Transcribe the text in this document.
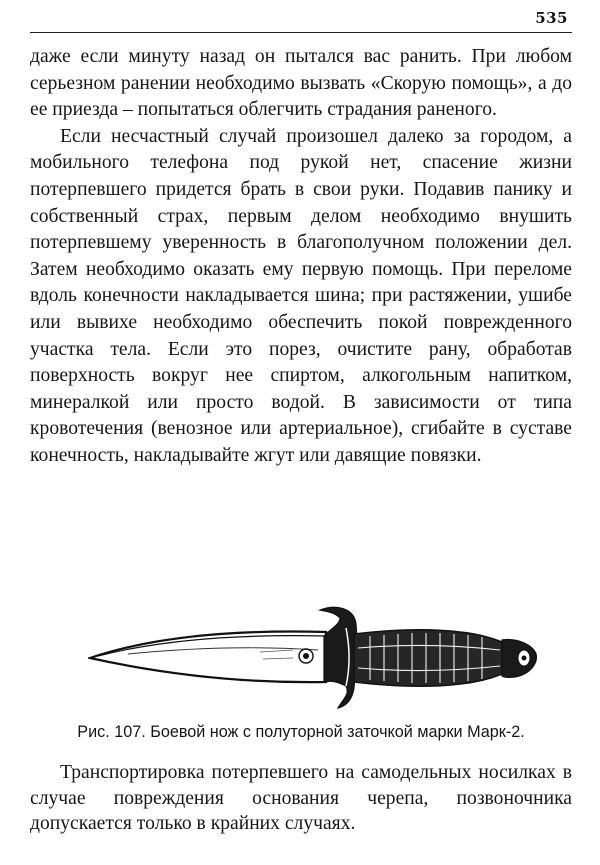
535

даже если минуту назад он пытался вас ранить. При любом серьезном ранении необходимо вызвать «Скорую помощь», а до ее приезда – попытаться облегчить страдания раненого.

Если несчастный случай произошел далеко за городом, а мобильного телефона под рукой нет, спасение жизни потерпевшего придется брать в свои руки. Подавив панику и собственный страх, первым делом необходимо внушить потерпевшему уверенность в благополучном положении дел. Затем необходимо оказать ему первую помощь. При переломе вдоль конечности накладывается шина; при растяжении, ушибе или вывихе необходимо обеспечить покой поврежденного участка тела. Если это порез, очистите рану, обработав поверхность вокруг нее спиртом, алкогольным напитком, минералкой или просто водой. В зависимости от типа кровотечения (венозное или артериальное), сгибайте в суставе конечность, накладывайте жгут или давящие повязки.

Рис. 107. Боевой нож с полуторной заточкой марки Марк-2.

Транспортировка потерпевшего на самодельных носилках в случае повреждения основания черепа, позвоночника допускается только в крайних случаях.
